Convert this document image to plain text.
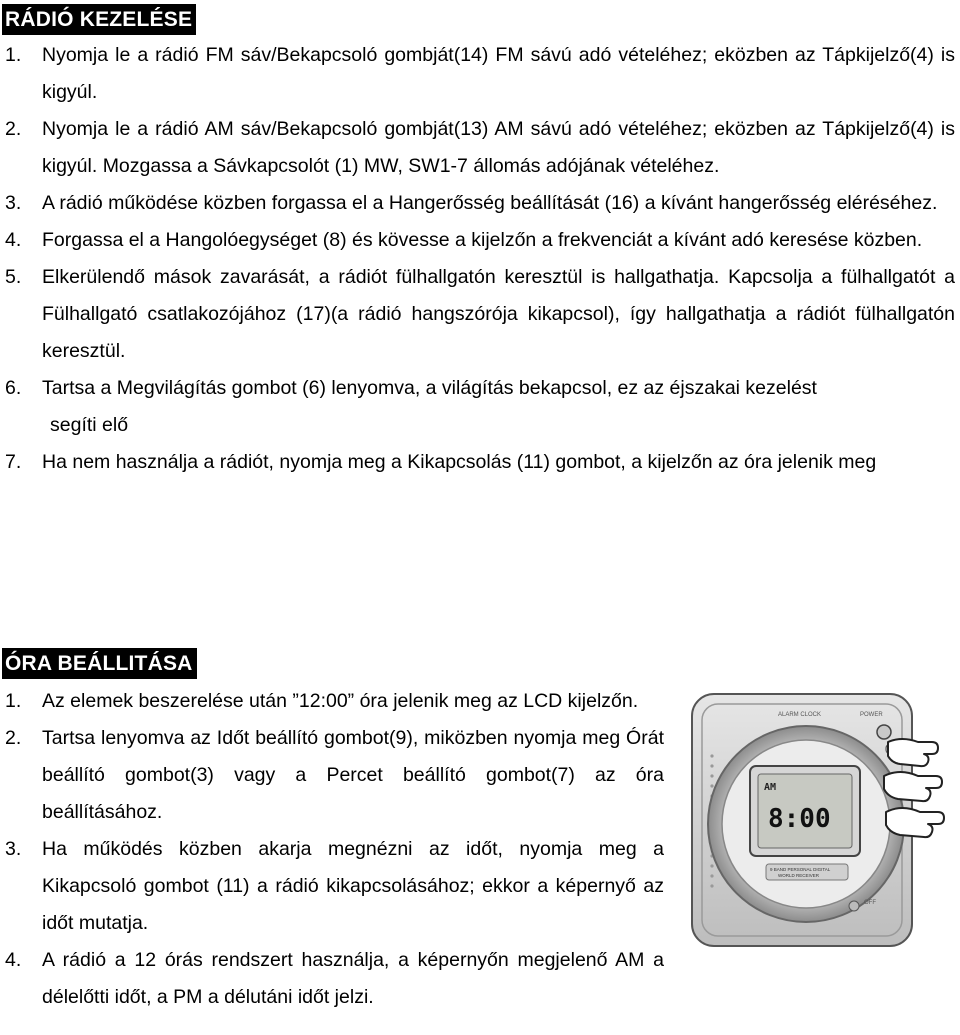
RÁDIÓ KEZELÉSE
1. Nyomja le a rádió FM sáv/Bekapcsoló gombját(14) FM sávú adó vételéhez; eközben az Tápkijelző(4) is kigyúl.
2. Nyomja le a rádió AM sáv/Bekapcsoló gombját(13) AM sávú adó vételéhez; eközben az Tápkijelző(4) is kigyúl. Mozgassa a Sávkapcsolót (1) MW, SW1-7 állomás adójának vételéhez.
3. A rádió működése közben forgassa el a Hangerősség beállítását (16) a kívánt hangerősség eléréséhez.
4. Forgassa el a Hangolóegységet (8) és kövesse a kijelzőn a frekvenciát a kívánt adó keresése közben.
5. Elkerülendő mások zavarását, a rádiót fülhallgatón keresztül is hallgathatja. Kapcsolja a fülhallgatót a Fülhallgató csatlakozójához (17)(a rádió hangszórója kikapcsol), így hallgathatja a rádiót fülhallgatón keresztül.
6. Tartsa a Megvilágítás gombot (6) lenyomva, a világítás bekapcsol, ez az éjszakai kezelést
segíti elő
7. Ha nem használja a rádiót, nyomja meg a Kikapcsolás (11) gombot, a kijelzőn az óra jelenik meg
ÓRA BEÁLLITÁSA
1. Az elemek beszerelése után ”12:00” óra jelenik meg az LCD kijelzőn.
2. Tartsa lenyomva az Időt beállító gombot(9), miközben nyomja meg Órát beállító gombot(3) vagy a Percet beállító gombot(7) az óra beállításához.
3. Ha működés közben akarja megnézni az időt, nyomja meg a Kikapcsoló gombot (11) a rádió kikapcsolásához; ekkor a képernyő az időt mutatja.
4. A rádió a 12 órás rendszert használja, a képernyőn megjelenő AM a délelőtti időt, a PM a délutáni időt jelzi.
ALARM CLOCK	POWER
AM
8:00
9 BAND PERSONAL DIGITAL
WORLD RECEIVER
OFF
